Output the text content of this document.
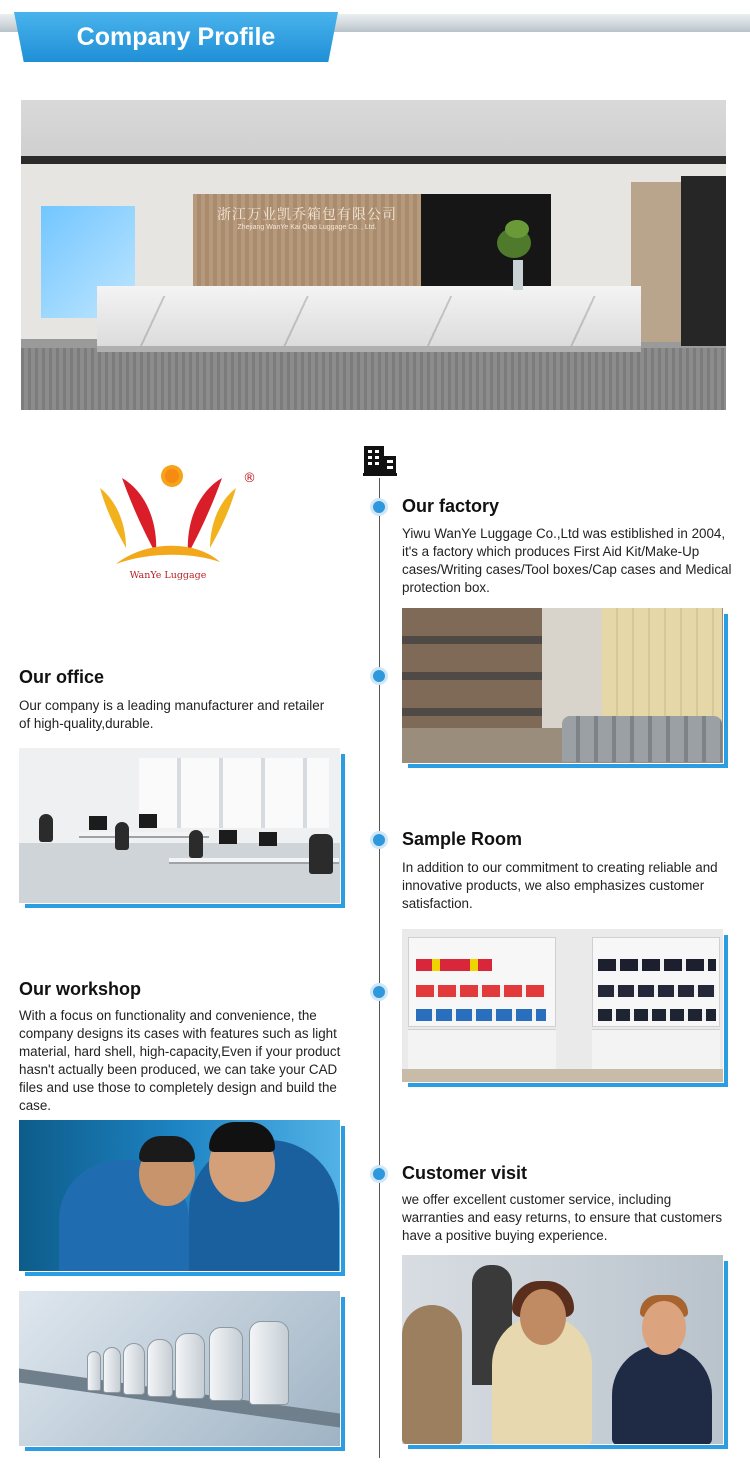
Company Profile
浙江万业凯乔箱包有限公司
Zhejiang WanYe Kai Qiao Luggage Co. , Ltd.
®
WanYe Luggage
Our factory
Yiwu WanYe Luggage Co.,Ltd was estiblished in 2004, it's a factory which produces First Aid Kit/Make-Up cases/Writing cases/Tool boxes/Cap cases and Medical protection box.
Our office
Our company is a leading manufacturer and retailer of high-quality,durable.
Sample Room
In addition to our commitment to creating reliable and innovative products, we also emphasizes customer satisfaction.
Our workshop
With a focus on functionality and convenience, the company designs its cases with features such as light material, hard shell, high-capacity,Even if your product hasn't actually been produced, we can take your CAD files and use those to completely design and build the case.
Customer visit
we offer excellent customer service, including warranties and easy returns, to ensure that customers have a positive buying experience.
